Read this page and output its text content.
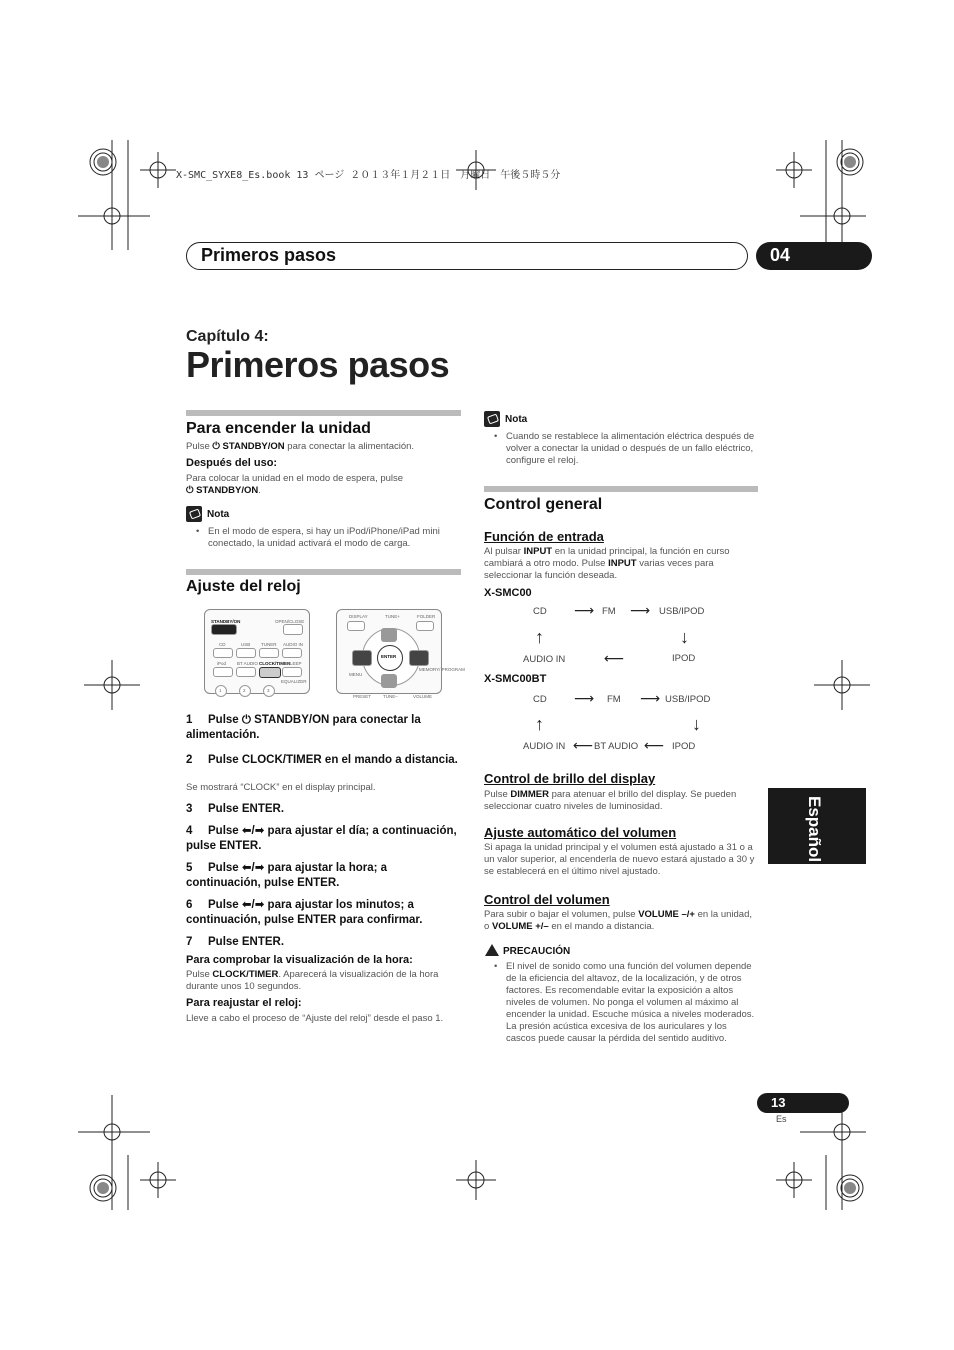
X-SMC_SYXE8_Es.book 13 ページ ２０１３年１月２１日　月曜日　午後５時５分
Primeros pasos	04
Capítulo 4:
Primeros pasos
Para encender la unidad
Pulse ⏻ STANDBY/ON para conectar la alimentación.
Después del uso:
Para colocar la unidad en el modo de espera, pulse
⏻ STANDBY/ON.
Nota
• En el modo de espera, si hay un iPod/iPhone/iPad mini conectado, la unidad activará el modo de carga.
Ajuste del reloj
STANDBY/ON	OPEN/CLOSE
CD	USB TUNER AUDIO IN
iPod BT AUDIO CLOCK/TIMER
SLEEP
EQUALIZER
1	2	3
DISPLAY	TUNE+	FOLDER
ENTER
MENU
MEMORY/ PROGRAM
PRESET	TUNE–	VOLUME
1 Pulse ⏻ STANDBY/ON para conectar la alimentación.
2 Pulse CLOCK/TIMER en el mando a distancia.
Se mostrará “CLOCK” en el display principal.
3 Pulse ENTER.
4 Pulse ⬅/➡ para ajustar el día; a continuación, pulse ENTER.
5 Pulse ⬅/➡ para ajustar la hora; a continuación, pulse ENTER.
6 Pulse ⬅/➡ para ajustar los minutos; a continuación, pulse ENTER para confirmar.
7 Pulse ENTER.
Para comprobar la visualización de la hora:
Pulse CLOCK/TIMER. Aparecerá la visualización de la hora durante unos 10 segundos.
Para reajustar el reloj:
Lleve a cabo el proceso de “Ajuste del reloj” desde el paso 1.
Nota
• Cuando se restablece la alimentación eléctrica después de volver a conectar la unidad o después de un fallo eléctrico, configure el reloj.
Control general
Función de entrada
Al pulsar INPUT en la unidad principal, la función en curso cambiará a otro modo. Pulse INPUT varias veces para seleccionar la función deseada.
X-SMC00
CD ⟶ FM ⟶ USB/IPOD
↑	↓
AUDIO IN	⟵	IPOD
X-SMC00BT
CD ⟶ FM ⟶ USB/IPOD
↑	↓
AUDIO IN ⟵ BT AUDIO ⟵ IPOD
Control de brillo del display
Pulse DIMMER para atenuar el brillo del display. Se pueden seleccionar cuatro niveles de luminosidad.
Ajuste automático del volumen
Si apaga la unidad principal y el volumen está ajustado a 31 o a un valor superior, al encenderla de nuevo estará ajustado a 30 y se establecerá en el último nivel ajustado.
Control del volumen
Para subir o bajar el volumen, pulse VOLUME –/+ en la unidad, o VOLUME +/– en el mando a distancia.
PRECAUCIÓN
• El nivel de sonido como una función del volumen depende de la eficiencia del altavoz, de la localización, y de otros factores. Es recomendable evitar la exposición a altos niveles de volumen. No ponga el volumen al máximo al encender la unidad. Escuche música a niveles moderados. La presión acústica excesiva de los auriculares y los cascos puede causar la pérdida del sentido auditivo.
Español
13
Es
